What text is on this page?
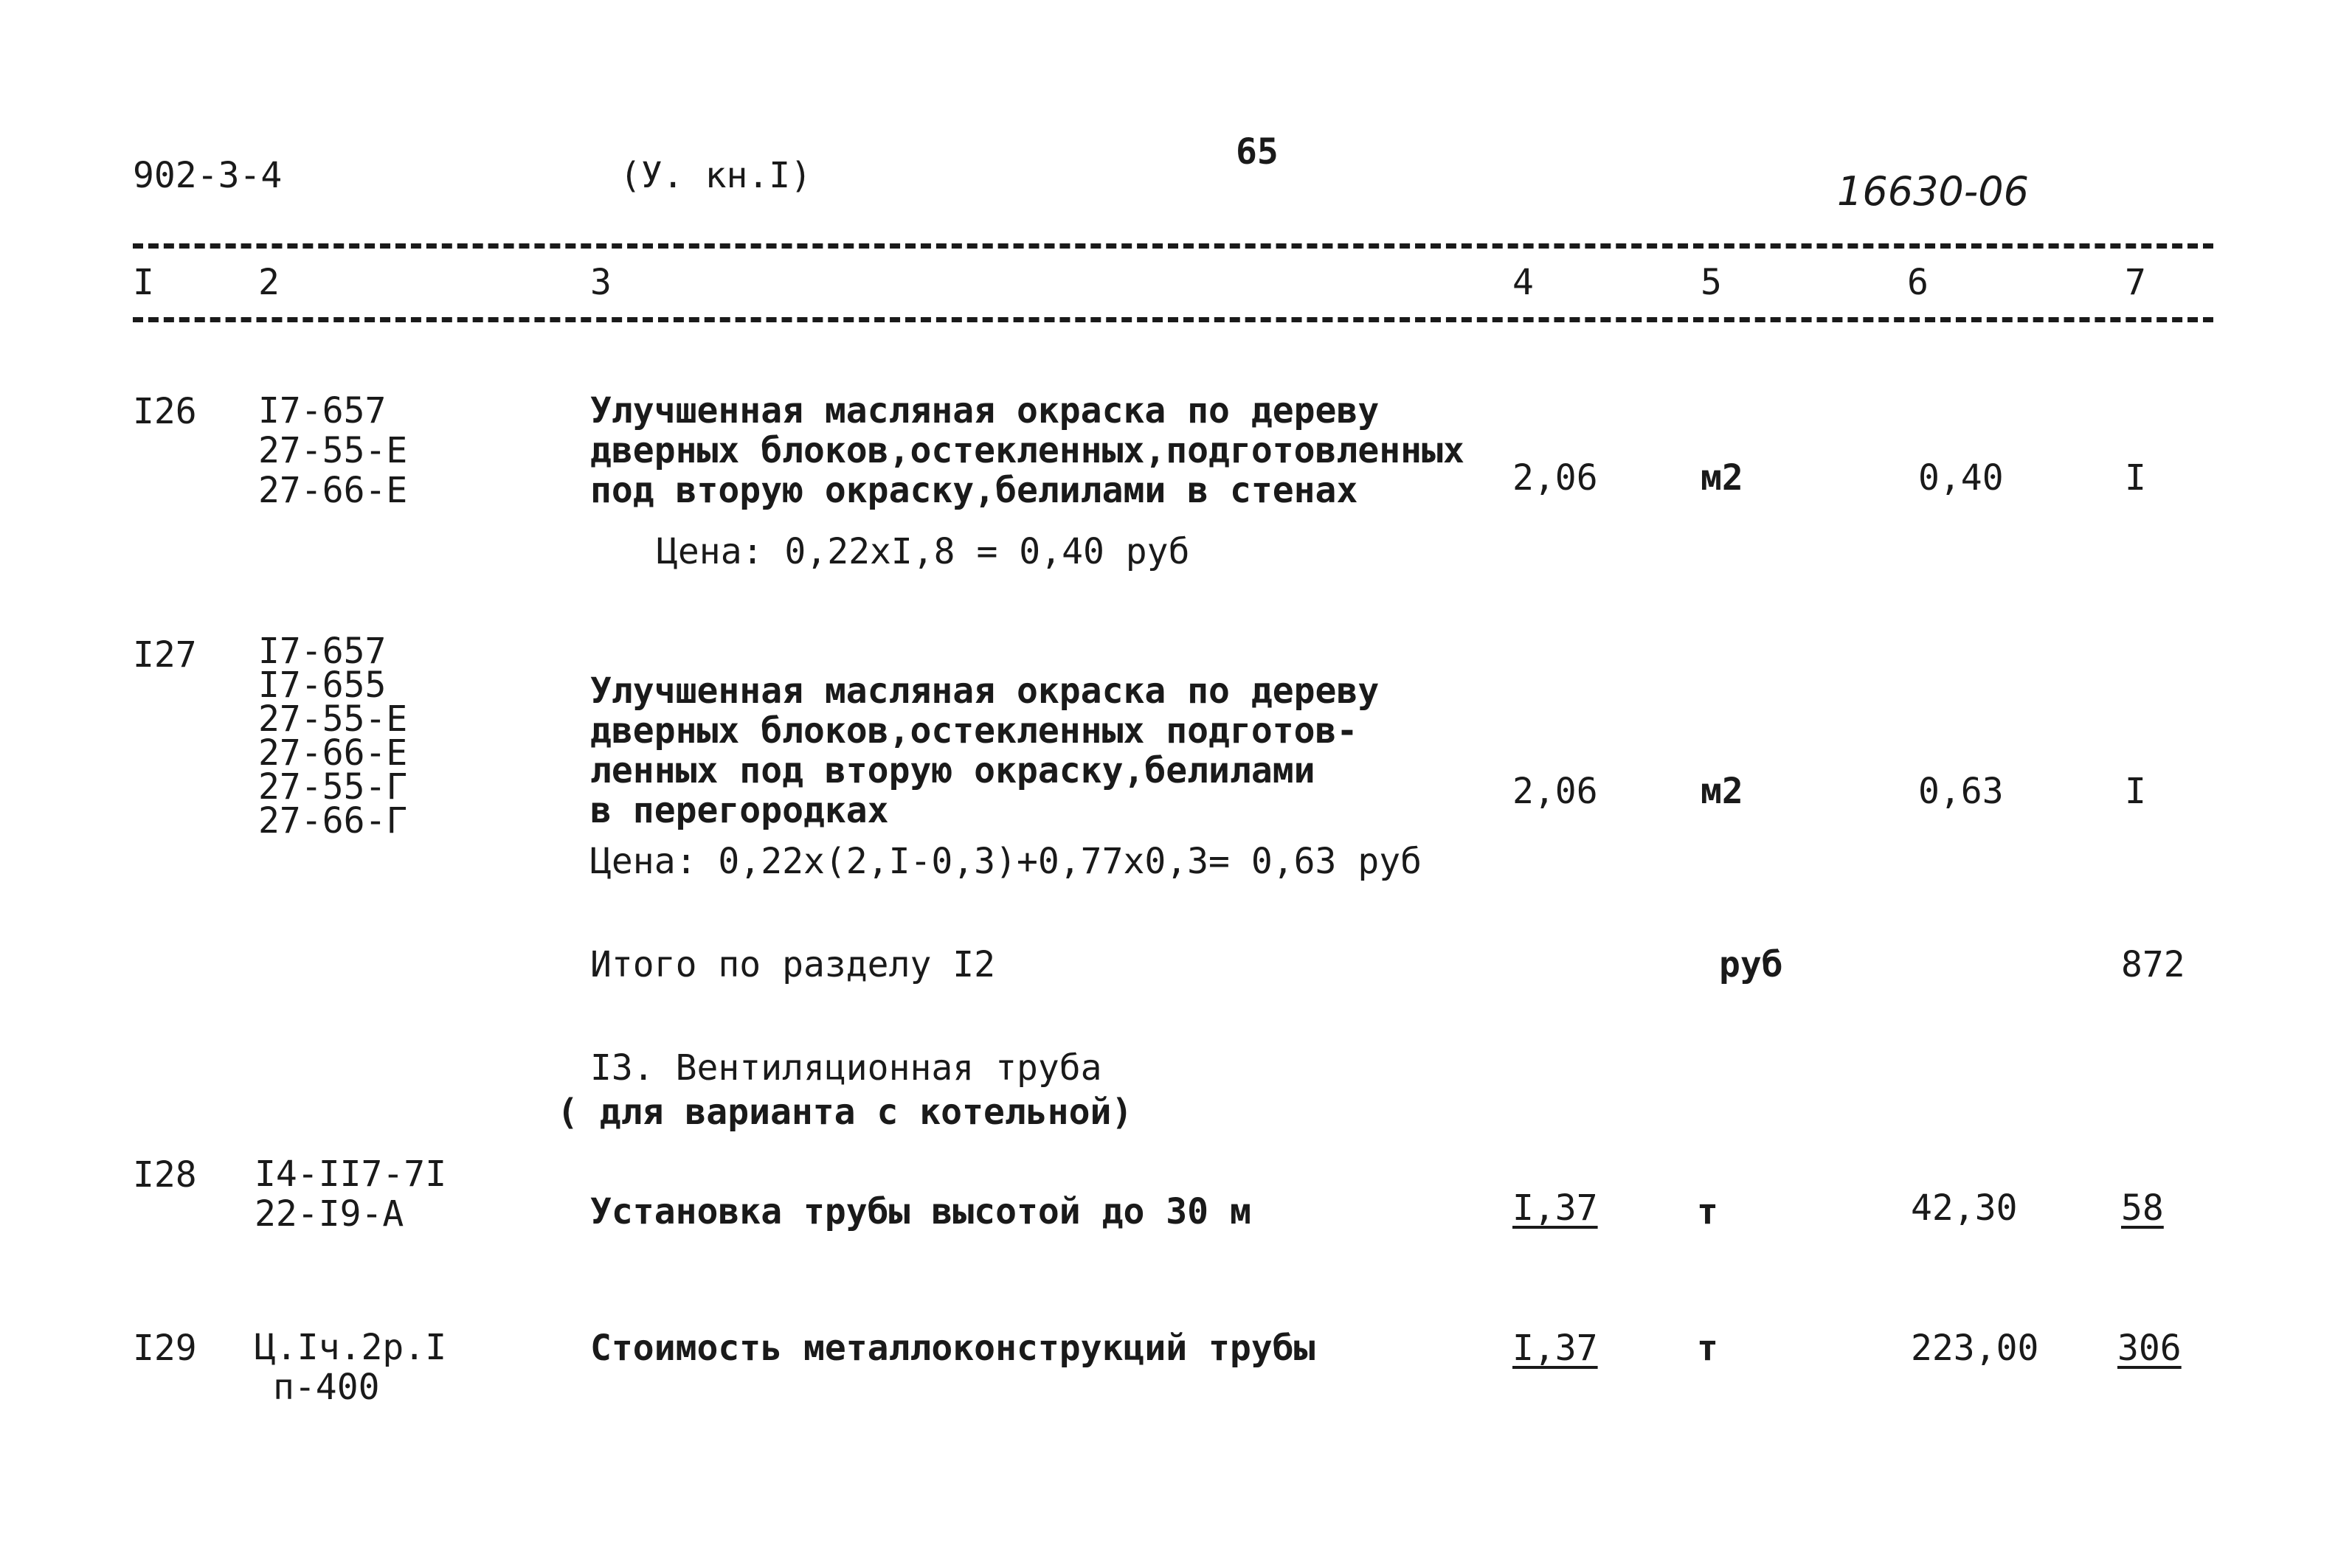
902-3-4	(У. кн.I)
65
16630-06
I	2	3	4	5	6	7
I26 I7-657
27-55-Е
27-66-Е
Улучшенная масляная окраска по дереву
дверных блоков,остекленных,подготовленных
под вторую окраску,белилами в стенах	2,06	м2	0,40	I
Цена: 0,22хI,8 = 0,40 руб
I27 I7-657
I7-655
27-55-Е
27-66-Е
27-55-Г
27-66-Г
Улучшенная масляная окраска по дереву
дверных блоков,остекленных подготов-
ленных под вторую окраску,белилами
в перегородках	2,06	м2	0,63	I
Цена: 0,22х(2,I-0,3)+0,77х0,3= 0,63 руб
Итого по разделу I2	руб	872
I3. Вентиляционная труба
( для варианта с котельной)
I28 I4-II7-7I
22-I9-А	Установка трубы высотой до 30 м	I,37	т	42,30	58
I29 Ц.Iч.2р.I
п-400
Стоимость металлоконструкций трубы	I,37	т	223,00 306
